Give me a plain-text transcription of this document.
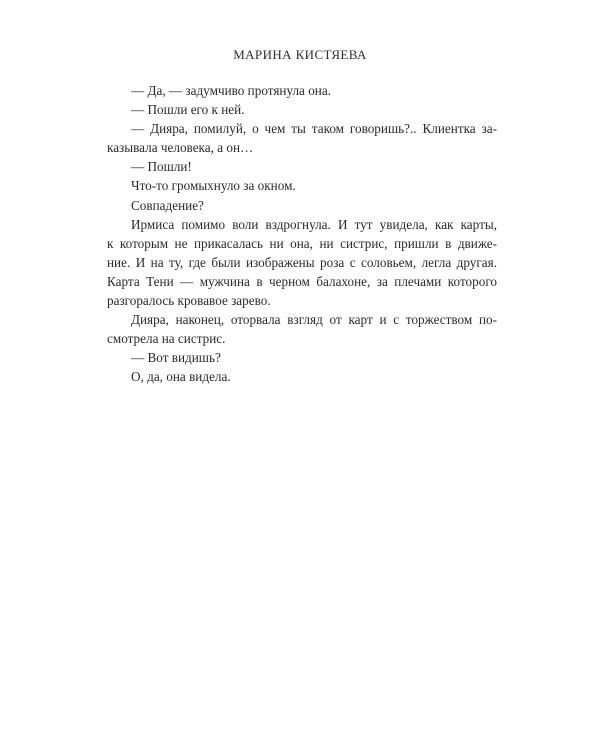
МАРИНА КИСТЯЕВА
— Да, — задумчиво протянула она.
— Пошли его к ней.
— Дияра, помилуй, о чем ты таком говоришь?.. Клиентка за-
казывала человека, а он…
— Пошли!
Что-то громыхнуло за окном.
Совпадение?
Ирмиса помимо воли вздрогнула. И тут увидела, как карты,
к которым не прикасалась ни она, ни систрис, пришли в движе-
ние. И на ту, где были изображены роза с соловьем, легла другая.
Карта Тени — мужчина в черном балахоне, за плечами которого
разгоралось кровавое зарево.
Дияра, наконец, оторвала взгляд от карт и с торжеством по-
смотрела на систрис.
— Вот видишь?
О, да, она видела.
